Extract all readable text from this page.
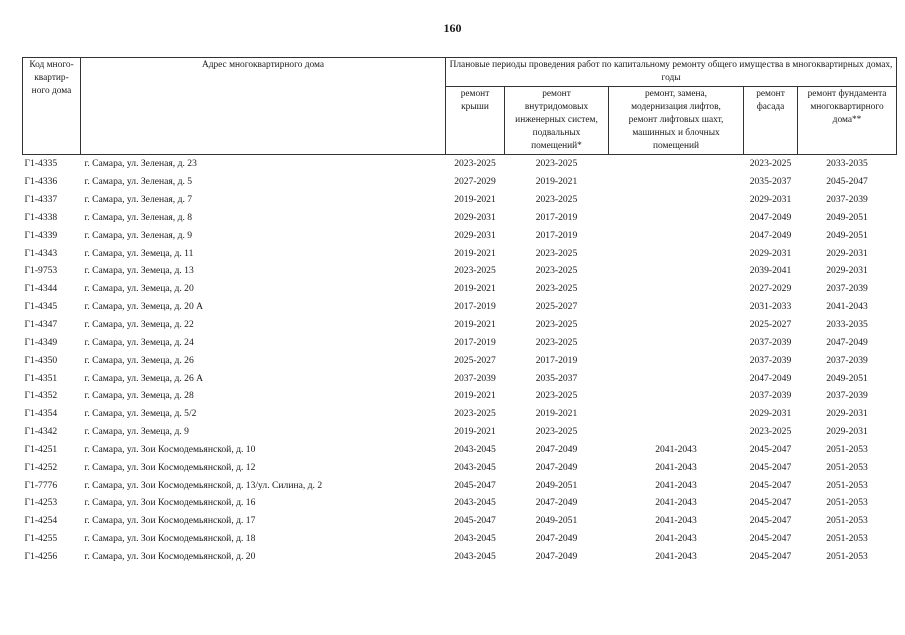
160
Код много-
квартир-
ного дома	Адрес многоквартирного дома	Плановые периоды проведения работ по капитальному ремонту общего имущества в многоквартирных домах, годы				
		ремонт
крыши	ремонт
внутридомовых
инженерных систем,
подвальных
помещений*	ремонт, замена,
модернизация лифтов,
ремонт лифтовых шахт,
машинных и блочных
помещений	ремонт
фасада	ремонт фундамента
многоквартирного
дома**
Г1-4335	г. Самара, ул. Зеленая, д. 23	2023-2025	2023-2025		2023-2025	2033-2035
Г1-4336	г. Самара, ул. Зеленая, д. 5	2027-2029	2019-2021		2035-2037	2045-2047
Г1-4337	г. Самара, ул. Зеленая, д. 7	2019-2021	2023-2025		2029-2031	2037-2039
Г1-4338	г. Самара, ул. Зеленая, д. 8	2029-2031	2017-2019		2047-2049	2049-2051
Г1-4339	г. Самара, ул. Зеленая, д. 9	2029-2031	2017-2019		2047-2049	2049-2051
Г1-4343	г. Самара, ул. Земеца, д. 11	2019-2021	2023-2025		2029-2031	2029-2031
Г1-9753	г. Самара, ул. Земеца, д. 13	2023-2025	2023-2025		2039-2041	2029-2031
Г1-4344	г. Самара, ул. Земеца, д. 20	2019-2021	2023-2025		2027-2029	2037-2039
Г1-4345	г. Самара, ул. Земеца, д. 20 А	2017-2019	2025-2027		2031-2033	2041-2043
Г1-4347	г. Самара, ул. Земеца, д. 22	2019-2021	2023-2025		2025-2027	2033-2035
Г1-4349	г. Самара, ул. Земеца, д. 24	2017-2019	2023-2025		2037-2039	2047-2049
Г1-4350	г. Самара, ул. Земеца, д. 26	2025-2027	2017-2019		2037-2039	2037-2039
Г1-4351	г. Самара, ул. Земеца, д. 26 А	2037-2039	2035-2037		2047-2049	2049-2051
Г1-4352	г. Самара, ул. Земеца, д. 28	2019-2021	2023-2025		2037-2039	2037-2039
Г1-4354	г. Самара, ул. Земеца, д. 5/2	2023-2025	2019-2021		2029-2031	2029-2031
Г1-4342	г. Самара, ул. Земеца, д. 9	2019-2021	2023-2025		2023-2025	2029-2031
Г1-4251	г. Самара, ул. Зои Космодемьянской, д. 10	2043-2045	2047-2049	2041-2043	2045-2047	2051-2053
Г1-4252	г. Самара, ул. Зои Космодемьянской, д. 12	2043-2045	2047-2049	2041-2043	2045-2047	2051-2053
Г1-7776	г. Самара, ул. Зои Космодемьянской, д. 13/ул. Силина, д. 2	2045-2047	2049-2051	2041-2043	2045-2047	2051-2053
Г1-4253	г. Самара, ул. Зои Космодемьянской, д. 16	2043-2045	2047-2049	2041-2043	2045-2047	2051-2053
Г1-4254	г. Самара, ул. Зои Космодемьянской, д. 17	2045-2047	2049-2051	2041-2043	2045-2047	2051-2053
Г1-4255	г. Самара, ул. Зои Космодемьянской, д. 18	2043-2045	2047-2049	2041-2043	2045-2047	2051-2053
Г1-4256	г. Самара, ул. Зои Космодемьянской, д. 20	2043-2045	2047-2049	2041-2043	2045-2047	2051-2053
